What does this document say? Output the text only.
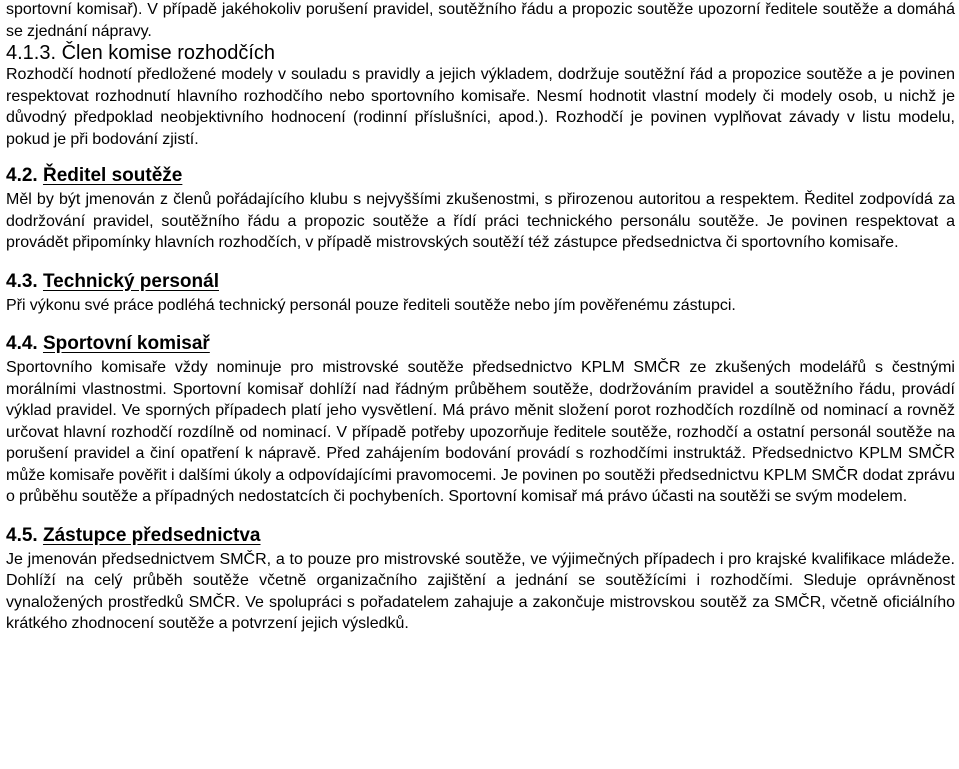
sportovní komisař). V případě jakéhokoliv porušení pravidel, soutěžního řádu a propozic soutěže upozorní ředitele soutěže a domáhá se zjednání nápravy.

4.1.3. Člen komise rozhodčích

Rozhodčí hodnotí předložené modely v souladu s pravidly a jejich výkladem, dodržuje soutěžní řád a propozice soutěže a je povinen respektovat rozhodnutí hlavního rozhodčího nebo sportovního komisaře. Nesmí hodnotit vlastní modely či modely osob, u nichž je důvodný předpoklad neobjektivního hodnocení (rodinní příslušníci, apod.). Rozhodčí je povinen vyplňovat závady v listu modelu, pokud je při bodování zjistí.

4.2. Ředitel soutěže

Měl by být jmenován z členů pořádajícího klubu s nejvyššími zkušenostmi, s přirozenou autoritou a respektem. Ředitel zodpovídá za dodržování pravidel, soutěžního řádu a propozic soutěže a řídí práci technického personálu soutěže. Je povinen respektovat a provádět připomínky hlavních rozhodčích, v případě mistrovských soutěží též zástupce předsednictva či sportovního komisaře.

4.3. Technický personál

Při výkonu své práce podléhá technický personál pouze řediteli soutěže nebo jím pověřenému zástupci.

4.4. Sportovní komisař

Sportovního komisaře vždy nominuje pro mistrovské soutěže předsednictvo KPLM SMČR ze zkušených modelářů s čestnými morálními vlastnostmi. Sportovní komisař dohlíží nad řádným průběhem soutěže, dodržováním pravidel a soutěžního řádu, provádí výklad pravidel. Ve sporných případech platí jeho vysvětlení. Má právo měnit složení porot rozhodčích rozdílně od nominací a rovněž určovat hlavní rozhodčí rozdílně od nominací. V případě potřeby upozorňuje ředitele soutěže, rozhodčí a ostatní personál soutěže na porušení pravidel a činí opatření k nápravě. Před zahájením bodování provádí s rozhodčími instruktáž. Předsednictvo KPLM SMČR může komisaře pověřit i dalšími úkoly a odpovídajícími pravomocemi. Je povinen po soutěži předsednictvu KPLM SMČR dodat zprávu o průběhu soutěže a případných nedostatcích či pochybeních. Sportovní komisař má právo účasti na soutěži se svým modelem.

4.5. Zástupce předsednictva

Je jmenován předsednictvem SMČR, a to pouze pro mistrovské soutěže, ve výjimečných případech i pro krajské kvalifikace mládeže. Dohlíží na celý průběh soutěže včetně organizačního zajištění a jednání se soutěžícími i rozhodčími. Sleduje oprávněnost vynaložených prostředků SMČR. Ve spolupráci s pořadatelem zahajuje a zakončuje mistrovskou soutěž za SMČR, včetně oficiálního krátkého zhodnocení soutěže a potvrzení jejich výsledků.
